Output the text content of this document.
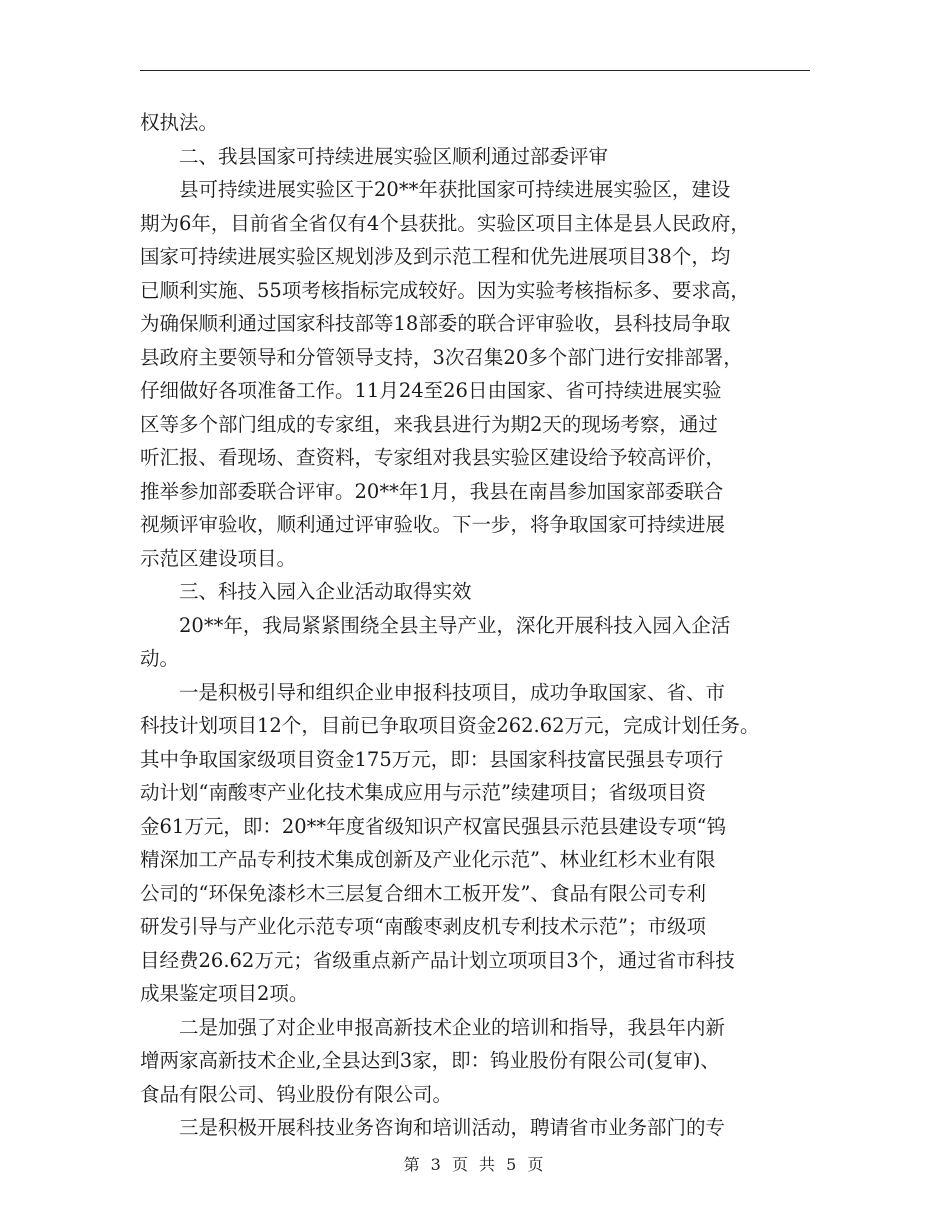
权执法。
二、我县国家可持续进展实验区顺利通过部委评审
县可持续进展实验区于20**年获批国家可持续进展实验区，建设
期为6年，目前省全省仅有4个县获批。实验区项目主体是县人民政府，
国家可持续进展实验区规划涉及到示范工程和优先进展项目38个，均
已顺利实施、55项考核指标完成较好。因为实验考核指标多、要求高，
为确保顺利通过国家科技部等18部委的联合评审验收，县科技局争取
县政府主要领导和分管领导支持，3次召集20多个部门进行安排部署，
仔细做好各项准备工作。11月24至26日由国家、省可持续进展实验
区等多个部门组成的专家组，来我县进行为期2天的现场考察，通过
听汇报、看现场、查资料，专家组对我县实验区建设给予较高评价，
推举参加部委联合评审。20**年1月，我县在南昌参加国家部委联合
视频评审验收，顺利通过评审验收。下一步，将争取国家可持续进展
示范区建设项目。
三、科技入园入企业活动取得实效
20**年，我局紧紧围绕全县主导产业，深化开展科技入园入企活
动。
一是积极引导和组织企业申报科技项目，成功争取国家、省、市
科技计划项目12个，目前已争取项目资金262.62万元，完成计划任务。
其中争取国家级项目资金175万元，即：县国家科技富民强县专项行
动计划“南酸枣产业化技术集成应用与示范”续建项目；省级项目资
金61万元，即：20**年度省级知识产权富民强县示范县建设专项“钨
精深加工产品专利技术集成创新及产业化示范”、林业红杉木业有限
公司的“环保免漆杉木三层复合细木工板开发”、食品有限公司专利
研发引导与产业化示范专项“南酸枣剥皮机专利技术示范”；市级项
目经费26.62万元；省级重点新产品计划立项项目3个，通过省市科技
成果鉴定项目2项。
二是加强了对企业申报高新技术企业的培训和指导，我县年内新
增两家高新技术企业,全县达到3家，即：钨业股份有限公司(复审)、
食品有限公司、钨业股份有限公司。
三是积极开展科技业务咨询和培训活动，聘请省市业务部门的专
第 3 页 共 5 页
